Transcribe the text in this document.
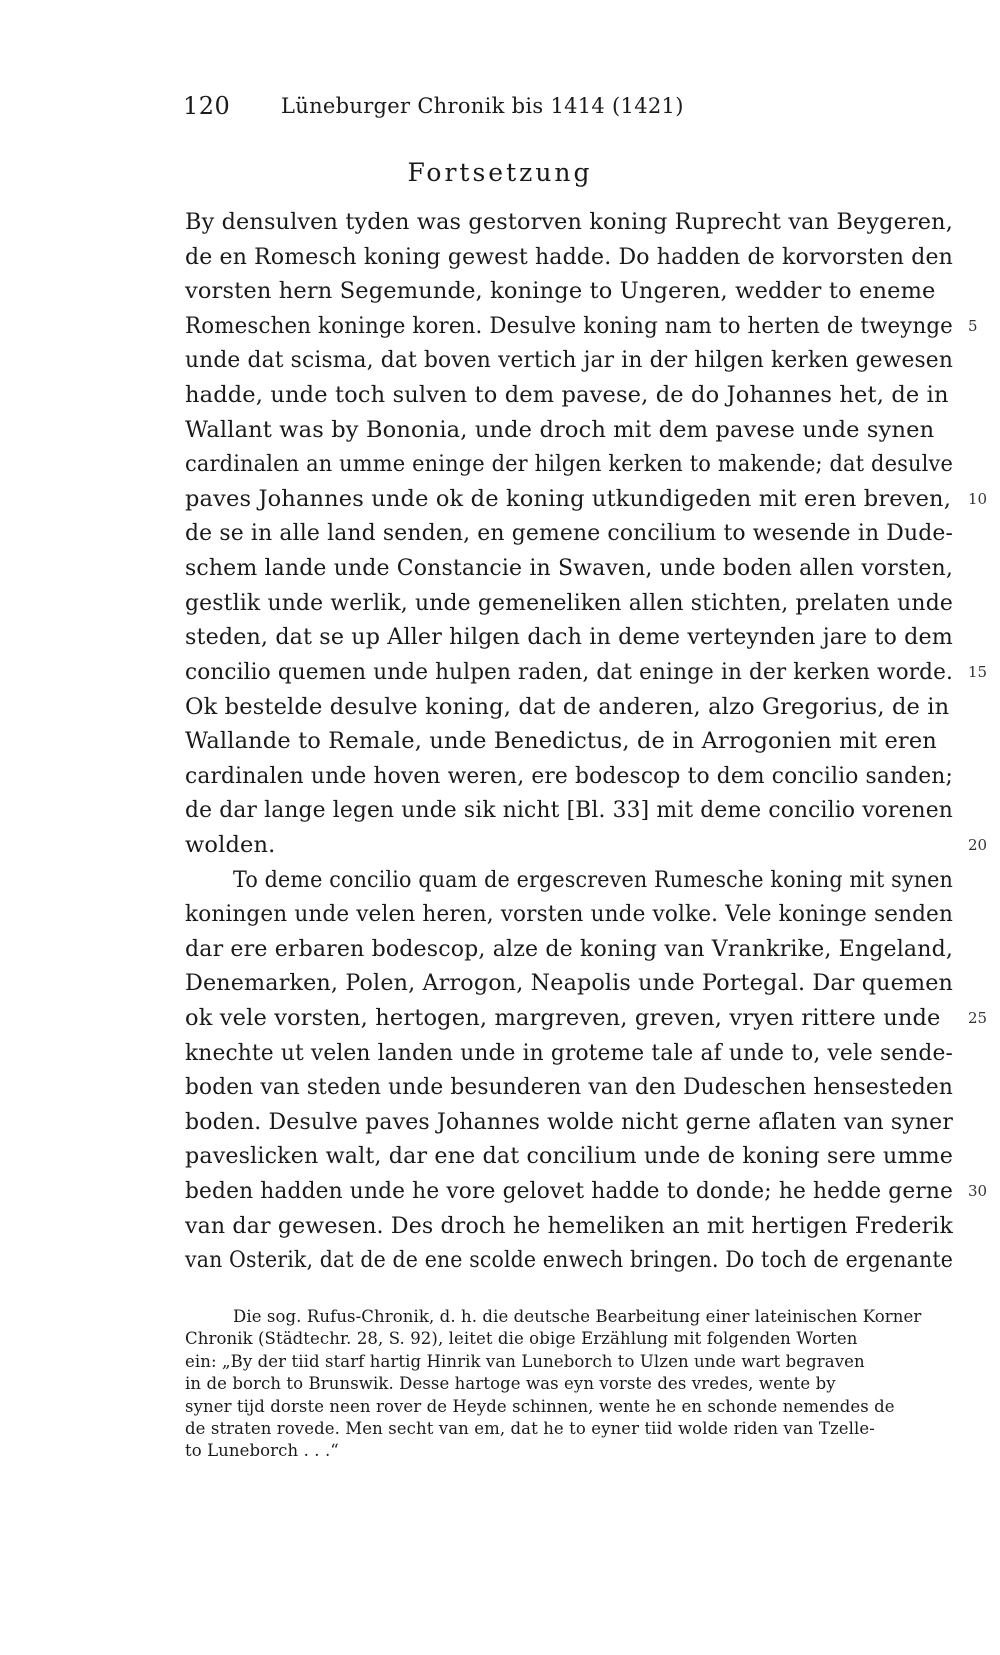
120 Lüneburger Chronik bis 1414 (1421)
Fortsetzung
By densulven tyden was gestorven koning Ruprecht van Beygeren,
de en Romesch koning gewest hadde. Do hadden de korvorsten den
vorsten hern Segemunde, koninge to Ungeren, wedder to eneme
Romeschen koninge koren. Desulve koning nam to herten de tweynge 5
unde dat scisma, dat boven vertich jar in der hilgen kerken gewesen
hadde, unde toch sulven to dem pavese, de do Johannes het, de in
Wallant was by Bononia, unde droch mit dem pavese unde synen
cardinalen an umme eninge der hilgen kerken to makende; dat desulve
paves Johannes unde ok de koning utkundigeden mit eren breven, 10
de se in alle land senden, en gemene concilium to wesende in Dude-
schem lande unde Constancie in Swaven, unde boden allen vorsten,
gestlik unde werlik, unde gemeneliken allen stichten, prelaten unde
steden, dat se up Aller hilgen dach in deme verteynden jare to dem
concilio quemen unde hulpen raden, dat eninge in der kerken worde. 15
Ok bestelde desulve koning, dat de anderen, alzo Gregorius, de in
Wallande to Remale, unde Benedictus, de in Arrogonien mit eren
cardinalen unde hoven weren, ere bodescop to dem concilio sanden;
de dar lange legen unde sik nicht [Bl. 33] mit deme concilio vorenen
wolden.	20
To deme concilio quam de ergescreven Rumesche koning mit synen
koningen unde velen heren, vorsten unde volke. Vele koninge senden
dar ere erbaren bodescop, alze de koning van Vrankrike, Engeland,
Denemarken, Polen, Arrogon, Neapolis unde Portegal. Dar quemen
ok vele vorsten, hertogen, margreven, greven, vryen rittere unde 25
knechte ut velen landen unde in groteme tale af unde to, vele sende-
boden van steden unde besunderen van den Dudeschen hensesteden
boden. Desulve paves Johannes wolde nicht gerne aflaten van syner
paveslicken walt, dar ene dat concilium unde de koning sere umme
beden hadden unde he vore gelovet hadde to donde; he hedde gerne 30
van dar gewesen. Des droch he hemeliken an mit hertigen Frederik
van Osterik, dat de de ene scolde enwech bringen. Do toch de ergenante
Die sog. Rufus-Chronik, d. h. die deutsche Bearbeitung einer lateinischen Korner
Chronik (Städtechr. 28, S. 92), leitet die obige Erzählung mit folgenden Worten
ein: „By der tiid starf hartig Hinrik van Luneborch to Ulzen unde wart begraven
in de borch to Brunswik. Desse hartoge was eyn vorste des vredes, wente by
syner tijd dorste neen rover de Heyde schinnen, wente he en schonde nemendes de
de straten rovede. Men secht van em, dat he to eyner tiid wolde riden van Tzelle-
to Luneborch . . .“
